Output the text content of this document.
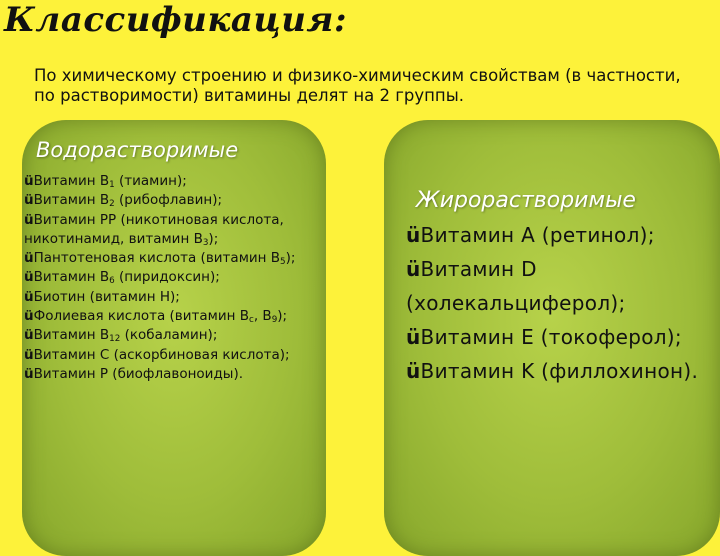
Классификация:
По химическому строению и физико-химическим свойствам (в частности, по растворимости) витамины делят на 2 группы.
Водорастворимые
üВитамин $B_1$ (тиамин);
üВитамин $B_2$ (рибофлавин);
üВитамин PP (никотиновая кислота, никотинамид, витамин $B_3$);
üПантотеновая кислота (витамин $B_5$);
üВитамин $B_6$ (пиридоксин);
üБиотин (витамин H);
üФолиевая кислота (витамин $B_c$, $B_9$);
üВитамин $B_{12}$ (кобаламин);
üВитамин C (аскорбиновая кислота);
üВитамин P (биофлавоноиды).
Жирорастворимые
üВитамин A (ретинол);
üВитамин D (холекальциферол);
üВитамин E (токоферол);
üВитамин K (филлохинон).
